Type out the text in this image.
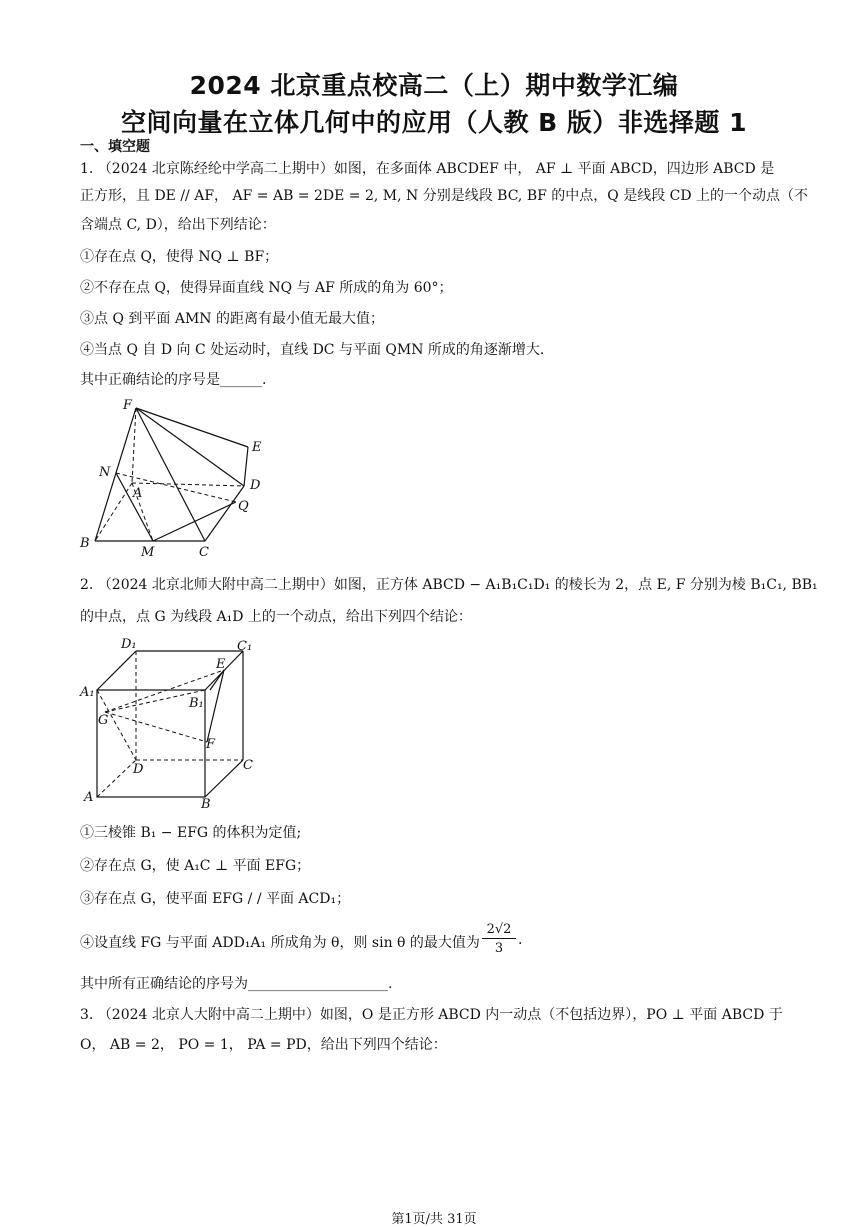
2024 北京重点校高二（上）期中数学汇编
空间向量在立体几何中的应用（人教 B 版）非选择题 1
一、填空题
1. （2024 北京陈经纶中学高二上期中）如图，在多面体 ABCDEF 中， AF ⊥ 平面 ABCD，四边形 ABCD 是
正方形，且 DE // AF， AF = AB = 2DE = 2, M, N 分别是线段 BC, BF 的中点，Q 是线段 CD 上的一个动点（不
含端点 C, D），给出下列结论：
①存在点 Q，使得 NQ ⊥ BF；
②不存在点 Q，使得异面直线 NQ 与 AF 所成的角为 60°；
③点 Q 到平面 AMN 的距离有最小值无最大值；
④当点 Q 自 D 向 C 处运动时，直线 DC 与平面 QMN 所成的角逐渐增大.
其中正确结论的序号是______.
F
E
N
A
D
Q
B
M	C
2. （2024 北京北师大附中高二上期中）如图，正方体 ABCD − A₁B₁C₁D₁ 的棱长为 2，点 E, F 分别为棱 B₁C₁, BB₁
的中点，点 G 为线段 A₁D 上的一个动点，给出下列四个结论：
D₁	C₁
A₁
E
B₁
G
F
D	C
A	B
①三棱锥 B₁ − EFG 的体积为定值;
②存在点 G，使 A₁C ⊥ 平面 EFG；
③存在点 G，使平面 EFG / / 平面 ACD₁；
④设直线 FG 与平面 ADD₁A₁ 所成角为 θ，则 sin θ 的最大值为 $\frac{2√2}{3}$ .
其中所有正确结论的序号为____________________.
3. （2024 北京人大附中高二上期中）如图，O 是正方形 ABCD 内一动点（不包括边界），PO ⊥ 平面 ABCD 于
O， AB = 2， PO = 1， PA = PD，给出下列四个结论：
第1页/共 31页
